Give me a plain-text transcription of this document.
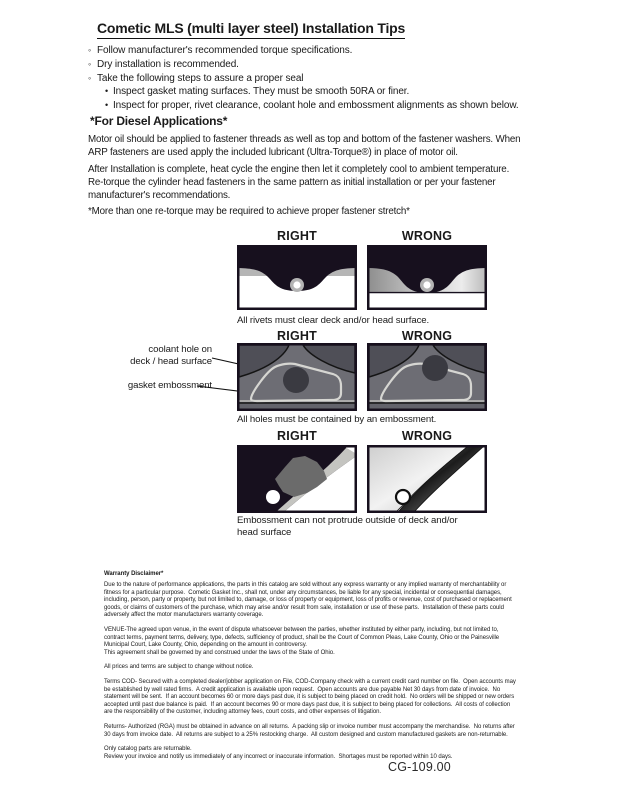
Cometic MLS (multi layer steel) Installation Tips
◦ Follow manufacturer's recommended torque specifications.
◦ Dry installation is recommended.
◦ Take the following steps to assure a proper seal
• Inspect gasket mating surfaces. They must be smooth 50RA or finer.
• Inspect for proper, rivet clearance, coolant hole and embossment alignments as shown below.
*For Diesel Applications*
Motor oil should be applied to fastener threads as well as top and bottom of the fastener washers. When ARP fasteners are used apply the included lubricant (Ultra-Torque®) in place of motor oil.
After Installation is complete, heat cycle the engine then let it completely cool to ambient temperature. Re-torque the cylinder head fasteners in the same pattern as initial installation or per your fastener manufacturer's recommendations.
*More than one re-torque may be required to achieve proper fastener stretch*
RIGHT	WRONG
All rivets must clear deck and/or head surface.
RIGHT	WRONG
coolant hole on
deck / head surface
gasket embossment
All holes must be contained by an embossment.
RIGHT	WRONG
Embossment can not protrude outside of deck and/or head surface
Warranty Disclaimer*

Due to the nature of performance applications, the parts in this catalog are sold without any express warranty or any implied warranty of merchantability or fitness for a particular purpose.  Cometic Gasket Inc., shall not, under any circumstances, be liable for any special, incidental or consequential damages, including, person, party or property, but not limited to, damage, or loss of property or equipment, loss of profits or revenue, cost of purchased or replacement goods, or claims of customers of the purchase, which may arise and/or result from sale, installation or use of these parts.  Installation of these parts could adversely affect the motor manufacturers warranty coverage.

VENUE-The agreed upon venue, in the event of dispute whatsoever between the parties, whether instituted by either party, including, but not limited to, contract terms, payment terms, delivery, type, defects, sufficiency of product, shall be the Court of Common Pleas, Lake County, Ohio or the Painesville Municipal Court, Lake County, Ohio, depending on the amount in controversy.

This agreement shall be governed by and construed under the laws of the State of Ohio.

All prices and terms are subject to change without notice.

Terms COD- Secured with a completed dealer/jobber application on File, COD-Company check with a current credit card number on file.  Open accounts may be established by well rated firms.  A credit application is available upon request.  Open accounts are due payable Net 30 days from date of invoice.  No statement will be sent.  If an account becomes 60 or more days past due, it is subject to being placed on credit hold.  No orders will be shipped or new orders accepted until past due balance is paid.  If an account becomes 90 or more days past due, it is subject to being placed for collections.  All costs of collection are the responsibility of the customer, including attorney fees, court costs, and other expenses of litigation.

Returns- Authorized (RGA) must be obtained in advance on all returns.  A packing slip or invoice number must accompany the merchandise.  No returns after 30 days from invoice date.  All returns are subject to a 25% restocking charge.  All custom designed and custom manufactured gaskets are non-returnable.

Only catalog parts are returnable.

Review your invoice and notify us immediately of any incorrect or inaccurate information.  Shortages must be reported within 10 days.

CG-109.00
